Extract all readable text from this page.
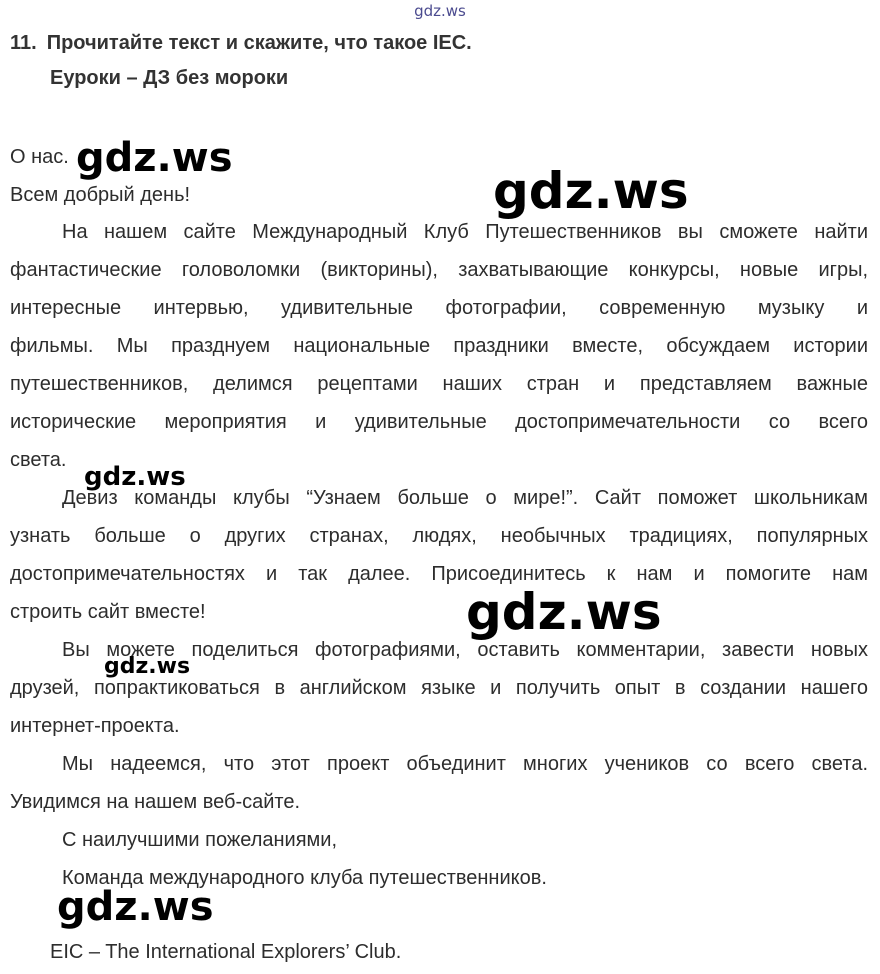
gdz.ws
11. Прочитайте текст и скажите, что такое IEC.
Еуроки – ДЗ без мороки
О нас.
Всем добрый день!
На нашем сайте Международный Клуб Путешественников вы сможете найти
фантастические головоломки (викторины), захватывающие конкурсы, новые игры,
интересные интервью, удивительные фотографии, современную музыку и
фильмы. Мы празднуем национальные праздники вместе, обсуждаем истории
путешественников, делимся рецептами наших стран и представляем важные
исторические мероприятия и удивительные достопримечательности со всего
света.
Девиз команды клубы “Узнаем больше о мире!”. Сайт поможет школьникам
узнать больше о других странах, людях, необычных традициях, популярных
достопримечательностях и так далее. Присоединитесь к нам и помогите нам
строить сайт вместе!
Вы можете поделиться фотографиями, оставить комментарии, завести новых
друзей, попрактиковаться в английском языке и получить опыт в создании нашего
интернет-проекта.
Мы надеемся, что этот проект объединит многих учеников со всего света.
Увидимся на нашем веб-сайте.
С наилучшими пожеланиями,
Команда международного клуба путешественников.
EIC – The International Explorers’ Club.
gdz.ws
gdz.ws
gdz.ws
gdz.ws
gdz.ws
gdz.ws
